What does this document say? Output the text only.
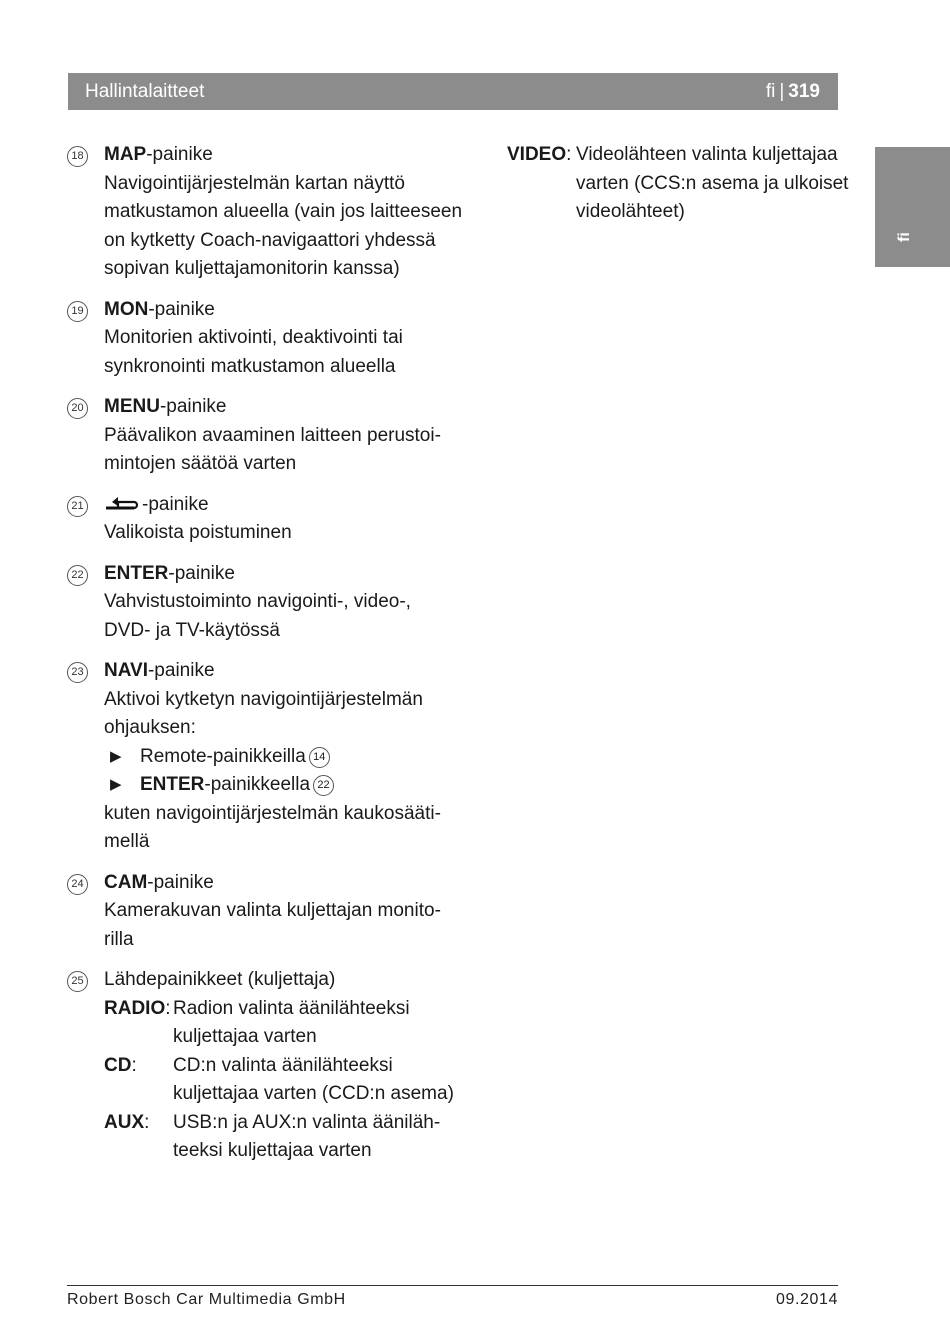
Hallintalaitteet	fi | 319
fi
18 MAP-painike
Navigointijärjestelmän kartan näyttö
matkustamon alueella (vain jos laitteeseen
on kytketty Coach-navigaattori yhdessä
sopivan kuljettajamonitorin kanssa)
19 MON-painike
Monitorien aktivointi, deaktivointi tai
synkronointi matkustamon alueella
20 MENU-painike
Päävalikon avaaminen laitteen perustoi-
mintojen säätöä varten
21	-painike
Valikoista poistuminen
22 ENTER-painike
Vahvistustoiminto navigointi-, video-,
DVD- ja TV-käytössä
23 NAVI-painike
Aktivoi kytketyn navigointijärjestelmän
ohjauksen:
▶ Remote-painikkeilla 14
▶ ENTER-painikkeella 22
kuten navigointijärjestelmän kaukosääti-
mellä
24 CAM-painike
Kamerakuvan valinta kuljettajan monito-
rilla
25 Lähdepainikkeet (kuljettaja)
RADIO: Radion valinta äänilähteeksi
kuljettajaa varten
CD:	CD:n valinta äänilähteeksi
kuljettajaa varten (CCD:n asema)
AUX:	USB:n ja AUX:n valinta ääniläh-
teeksi kuljettajaa varten
VIDEO: Videolähteen valinta kuljettajaa
varten (CCS:n asema ja ulkoiset
videolähteet)
Robert Bosch Car Multimedia GmbH	09.2014
